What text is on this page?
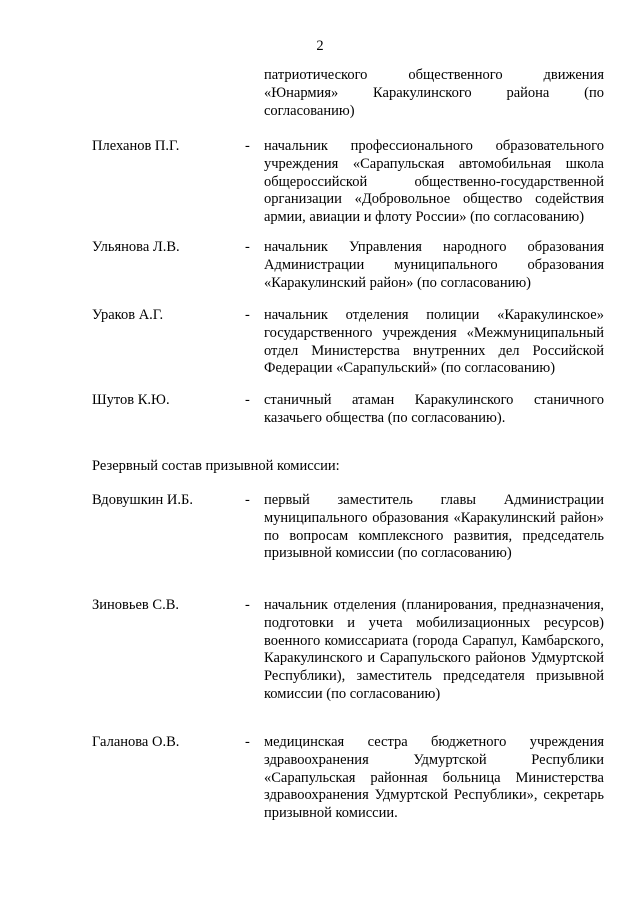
2
патриотического общественного движения «Юнармия» Каракулинского района (по согласованию)
Плеханов П.Г.	- начальник профессионального образовательного учреждения «Сарапульская автомобильная школа общероссийской общественно-государственной организации «Добровольное общество содействия армии, авиации и флоту России» (по согласованию)
Ульянова Л.В.	- начальник Управления народного образования Администрации муниципального образования «Каракулинский район» (по согласованию)
Ураков А.Г.	- начальник отделения полиции «Каракулинское» государственного учреждения «Межмуниципальный отдел Министерства внутренних дел Российской Федерации «Сарапульский» (по согласованию)
Шутов К.Ю.	- станичный атаман Каракулинского станичного казачьего общества (по согласованию).
Резервный состав призывной комиссии:
Вдовушкин И.Б.	- первый заместитель главы Администрации муниципального образования «Каракулинский район» по вопросам комплексного развития, председатель призывной комиссии (по согласованию)
Зиновьев С.В.	- начальник отделения (планирования, предназначения, подготовки и учета мобилизационных ресурсов) военного комиссариата (города Сарапул, Камбарского, Каракулинского и Сарапульского районов Удмуртской Республики), заместитель председателя призывной комиссии (по согласованию)
Галанова О.В.	- медицинская сестра бюджетного учреждения здравоохранения Удмуртской Республики «Сарапульская районная больница Министерства здравоохранения Удмуртской Республики», секретарь призывной комиссии.
